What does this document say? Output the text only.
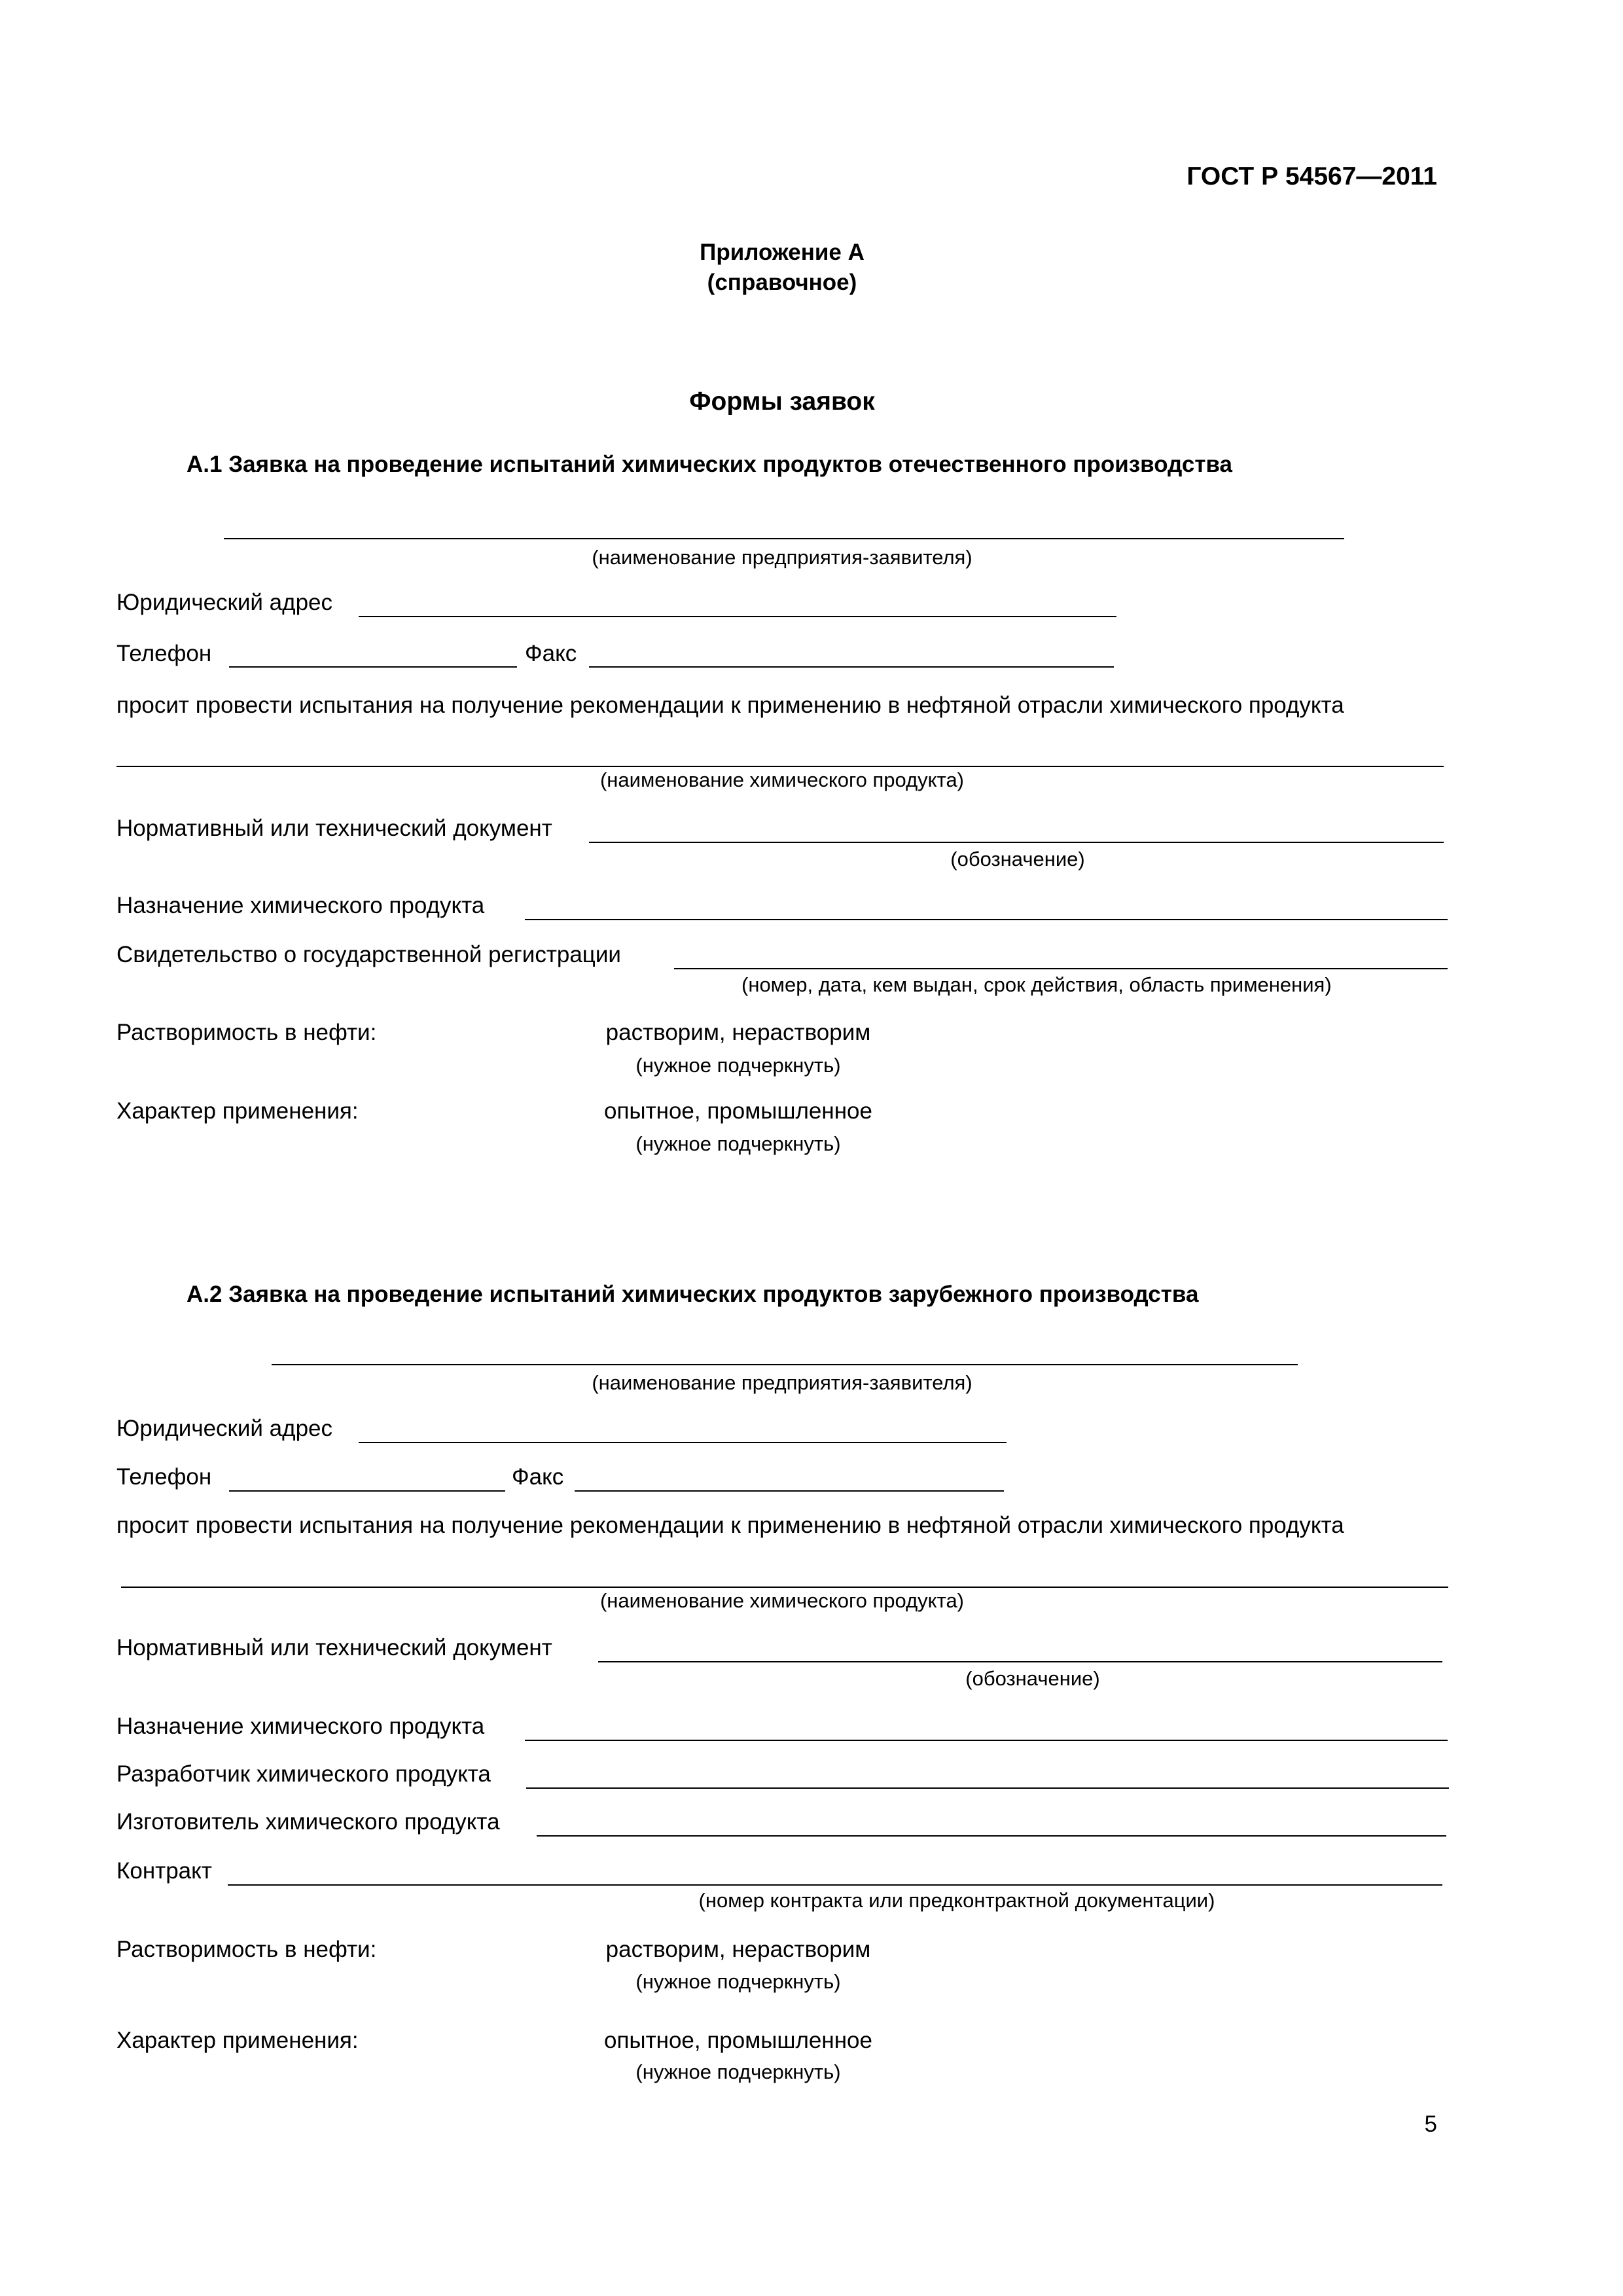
ГОСТ Р 54567—2011
Приложение А
(справочное)
Формы заявок
А.1 Заявка на проведение испытаний химических продуктов отечественного производства
(наименование предприятия-заявителя)
Юридический адрес
Телефон	Факс
просит провести испытания на получение рекомендации к применению в нефтяной отрасли химического продукта
(наименование химического продукта)
Нормативный или технический документ
(обозначение)
Назначение химического продукта
Свидетельство о государственной регистрации
(номер, дата, кем выдан, срок действия, область применения)
Растворимость в нефти:	растворим, нерастворим
(нужное подчеркнуть)
Характер применения:	опытное, промышленное
(нужное подчеркнуть)
А.2 Заявка на проведение испытаний химических продуктов зарубежного производства
(наименование предприятия-заявителя)
Юридический адрес
Телефон	Факс
просит провести испытания на получение рекомендации к применению в нефтяной отрасли химического продукта
(наименование химического продукта)
Нормативный или технический документ
(обозначение)
Назначение химического продукта
Разработчик химического продукта
Изготовитель химического продукта
Контракт
(номер контракта или предконтрактной документации)
Растворимость в нефти:	растворим, нерастворим
(нужное подчеркнуть)
Характер применения:	опытное, промышленное
(нужное подчеркнуть)
5
